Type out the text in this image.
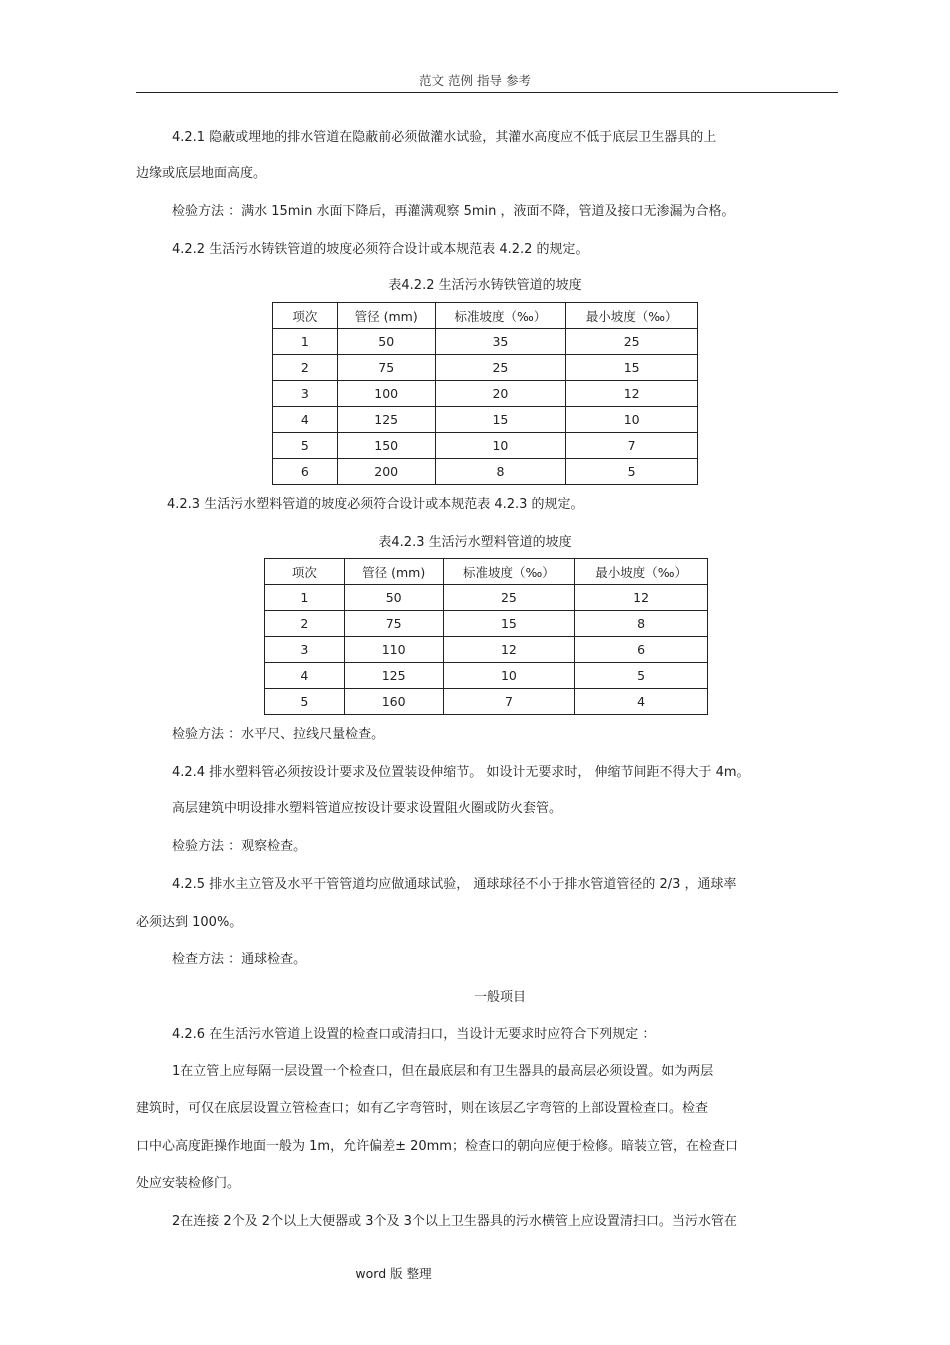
范文 范例 指导 参考
4.2.1 隐蔽或埋地的排水管道在隐蔽前必须做灌水试验，其灌水高度应不低于底层卫生器具的上
边缘或底层地面高度。
检验方法 ：满水 15min 水面下降后，再灌满观察 5min ，液面不降，管道及接口无渗漏为合格。
4.2.2 生活污水铸铁管道的坡度必须符合设计或本规范表 4.2.2 的规定。
表4.2.2 生活污水铸铁管道的坡度
项次	管径 (mm)	标准坡度（‰）	最小坡度（‰）
1	50	35	25
2	75	25	15
3	100	20	12
4	125	15	10
5	150	10	7
6	200	8	5
4.2.3 生活污水塑料管道的坡度必须符合设计或本规范表 4.2.3 的规定。
表4.2.3 生活污水塑料管道的坡度
项次	管径 (mm)	标准坡度（‰）	最小坡度（‰）
1	50	25	12
2	75	15	8
3	110	12	6
4	125	10	5
5	160	7	4
检验方法 ：水平尺、拉线尺量检查。
4.2.4 排水塑料管必须按设计要求及位置装设伸缩节。 如设计无要求时， 伸缩节间距不得大于 4m。
高层建筑中明设排水塑料管道应按设计要求设置阻火圈或防火套管。
检验方法 ：观察检查。
4.2.5 排水主立管及水平干管管道均应做通球试验， 通球球径不小于排水管道管径的 2/3 ，通球率
必须达到 100%。
检查方法 ：通球检查。
一般项目
4.2.6 在生活污水管道上设置的检查口或清扫口，当设计无要求时应符合下列规定 ：
1在立管上应每隔一层设置一个检查口，但在最底层和有卫生器具的最高层必须设置。如为两层
建筑时，可仅在底层设置立管检查口；如有乙字弯管时，则在该层乙字弯管的上部设置检查口。检查
口中心高度距操作地面一般为 1m，允许偏差± 20mm；检查口的朝向应便于检修。暗装立管，在检查口
处应安装检修门。
2在连接 2个及 2个以上大便器或 3个及 3个以上卫生器具的污水横管上应设置清扫口。当污水管在
word 版 整理
